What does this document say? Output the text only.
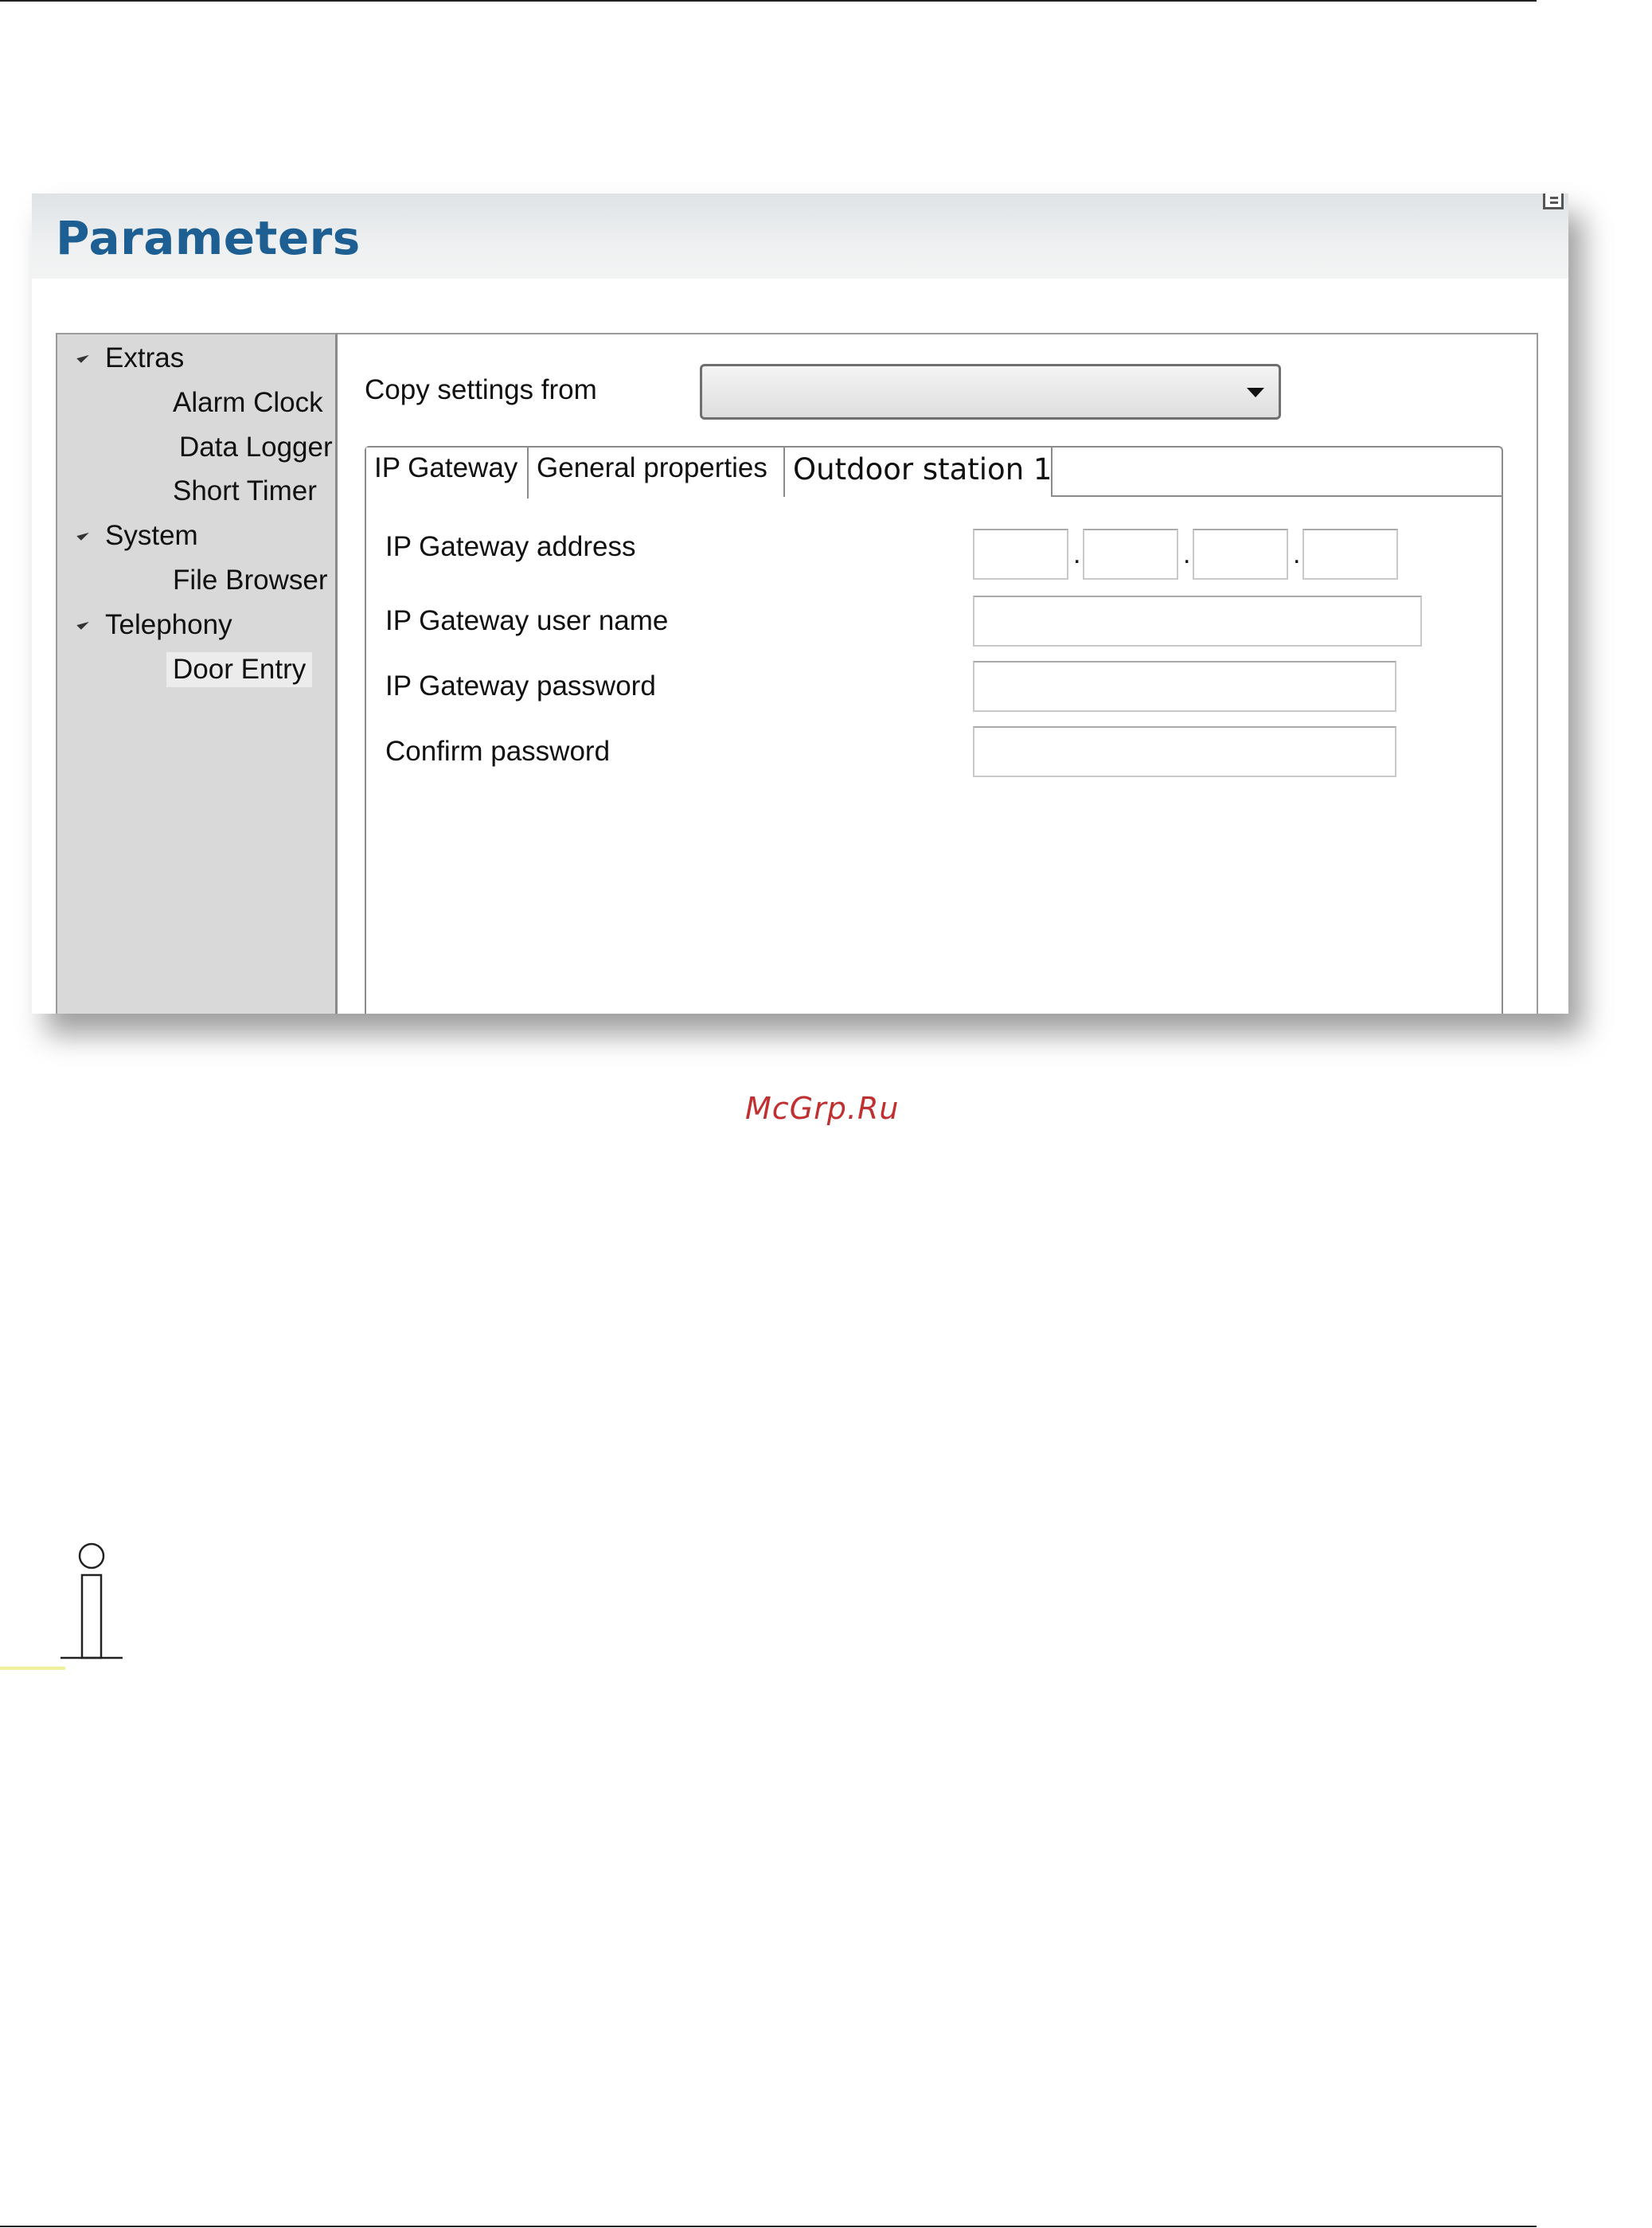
Parameters
Extras
Alarm Clock
Data Logger
Short Timer
System
File Browser
Telephony
Door Entry
Copy settings from
IP Gateway General properties Outdoor station 1
IP Gateway address	.	.	.
IP Gateway user name
IP Gateway password
Confirm password
McGrp.Ru
